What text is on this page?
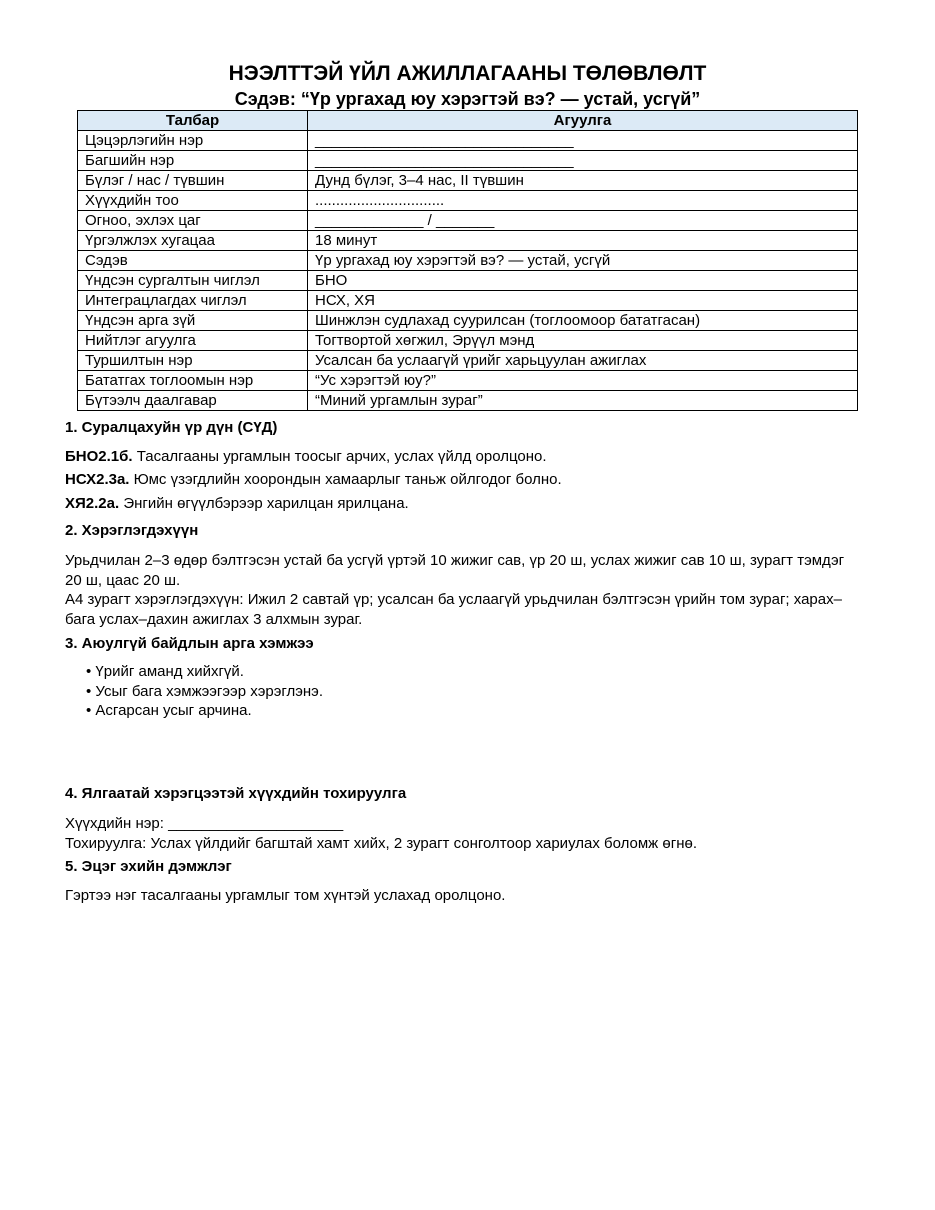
НЭЭЛТТЭЙ ҮЙЛ АЖИЛЛАГААНЫ ТӨЛӨВЛӨЛТ
Сэдэв: “Үр ургахад юу хэрэгтэй вэ? — устай, усгүй”
Талбар	Агуулга
Цэцэрлэгийн нэр	_______________________________
Багшийн нэр	_______________________________
Бүлэг / нас / түвшин	Дунд бүлэг, 3–4 нас, II түвшин
Хүүхдийн тоо	...............................
Огноо, эхлэх цаг	_____________ / _______
Үргэлжлэх хугацаа	18 минут
Сэдэв	Үр ургахад юу хэрэгтэй вэ? — устай, усгүй
Үндсэн сургалтын чиглэл	БНО
Интеграцлагдах чиглэл	НСХ, ХЯ
Үндсэн арга зүй	Шинжлэн судлахад суурилсан (тоглоомоор бататгасан)
Нийтлэг агуулга	Тогтвортой хөгжил, Эрүүл мэнд
Туршилтын нэр	Усалсан ба услаагүй үрийг харьцуулан ажиглах
Бататгах тоглоомын нэр	“Ус хэрэгтэй юу?”
Бүтээлч даалгавар	“Миний ургамлын зураг”
1. Суралцахуйн үр дүн (СҮД)
БНО2.1б. Тасалгааны ургамлын тоосыг арчих, услах үйлд оролцоно.
НСХ2.3а. Юмс үзэгдлийн хоорондын хамаарлыг таньж ойлгодог болно.
ХЯ2.2а. Энгийн өгүүлбэрээр харилцан ярилцана.
2. Хэрэглэгдэхүүн
Урьдчилан 2–3 өдөр бэлтгэсэн устай ба усгүй үртэй 10 жижиг сав, үр 20 ш, услах жижиг сав 10 ш, зурагт тэмдэг 20 ш, цаас 20 ш.
А4 зурагт хэрэглэгдэхүүн: Ижил 2 савтай үр; усалсан ба услаагүй урьдчилан бэлтгэсэн үрийн том зураг; харах–бага услах–дахин ажиглах 3 алхмын зураг.
3. Аюулгүй байдлын арга хэмжээ
• Үрийг аманд хийхгүй.
• Усыг бага хэмжээгээр хэрэглэнэ.
• Асгарсан усыг арчина.
4. Ялгаатай хэрэгцээтэй хүүхдийн тохируулга
Хүүхдийн нэр: _____________________
Тохируулга: Услах үйлдийг багштай хамт хийх, 2 зурагт сонголтоор хариулах боломж өгнө.
5. Эцэг эхийн дэмжлэг
Гэртээ нэг тасалгааны ургамлыг том хүнтэй услахад оролцоно.
